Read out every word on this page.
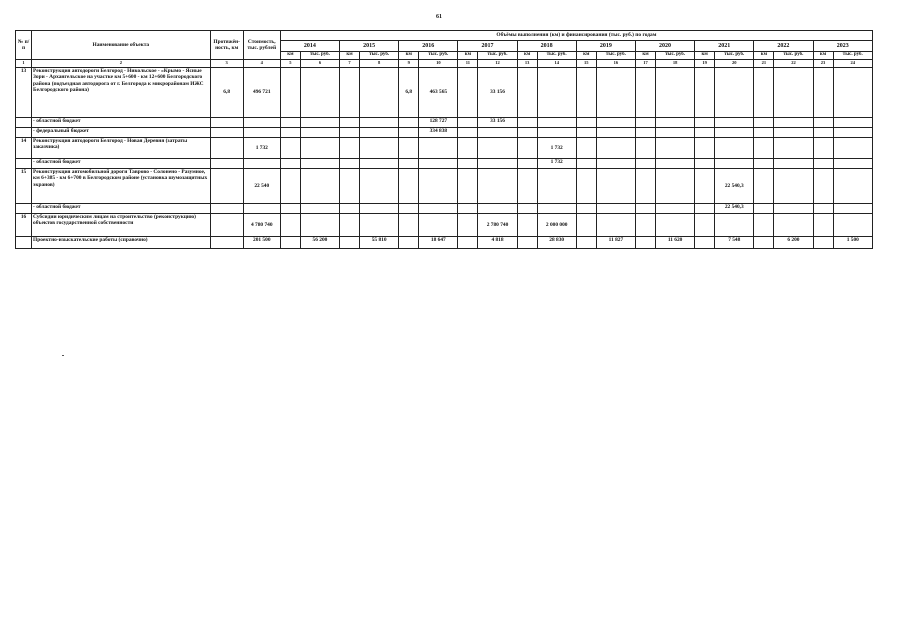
61
№ п/п	Наименование объекта	Протяжён-ность, км	Стоимость, тыс. рублей	Объёмы выполнения (км) и финансирования (тыс. руб.) по годам																			
				2014		2015		2016		2017		2018		2019		2020		2021		2022		2023	
				км	тыс. руб.	км	тыс. руб.	км	тыс. руб.	км	тыс. руб.	км	тыс. руб.	км	тыс. руб.	км	тыс. руб.	км	тыс. руб.	км	тыс. руб.	км	тыс. руб.
1	2	3	4	5	6	7	8	9	10	11	12	13	14	15	16	17	18	19	20	21	22	23	24
13	Реконструкция автодороги Белгород - Никольское - «Крымо - Ясные Зори - Архангельское на участке км 5+600 - км 12+600 Белгородского района (подъездная автодорога от г. Белгорода к микрорайонам ИЖС Белгородского района)	6,8	496 721					6,8	463 565		33 156												
	- областной бюджет								128 727		33 156												
	- федеральный бюджет								334 838														
14	Реконструкция автодороги Белгород - Новая Деревня (затраты заказчика)		1 732										1 732										
	- областной бюджет												1 732										
15	Реконструкция автомобильной дороги Таврово - Солонено - Разумное, км 6+385 - км 6+700 в Белгородском районе (установка шумозащитных экранов)		22 540																22 540,3				
	- областной бюджет																		22 540,3				
16	Субсидии юридическим лицам на строительство (реконструкцию) объектов государственной собственности		4 780 740								2 780 740		2 000 000										
	Проектно-изыскательские работы (справочно)		201 500		56 200		55 810		18 647		4 818		28 830		11 827		11 620		7 548		6 200		1 500
